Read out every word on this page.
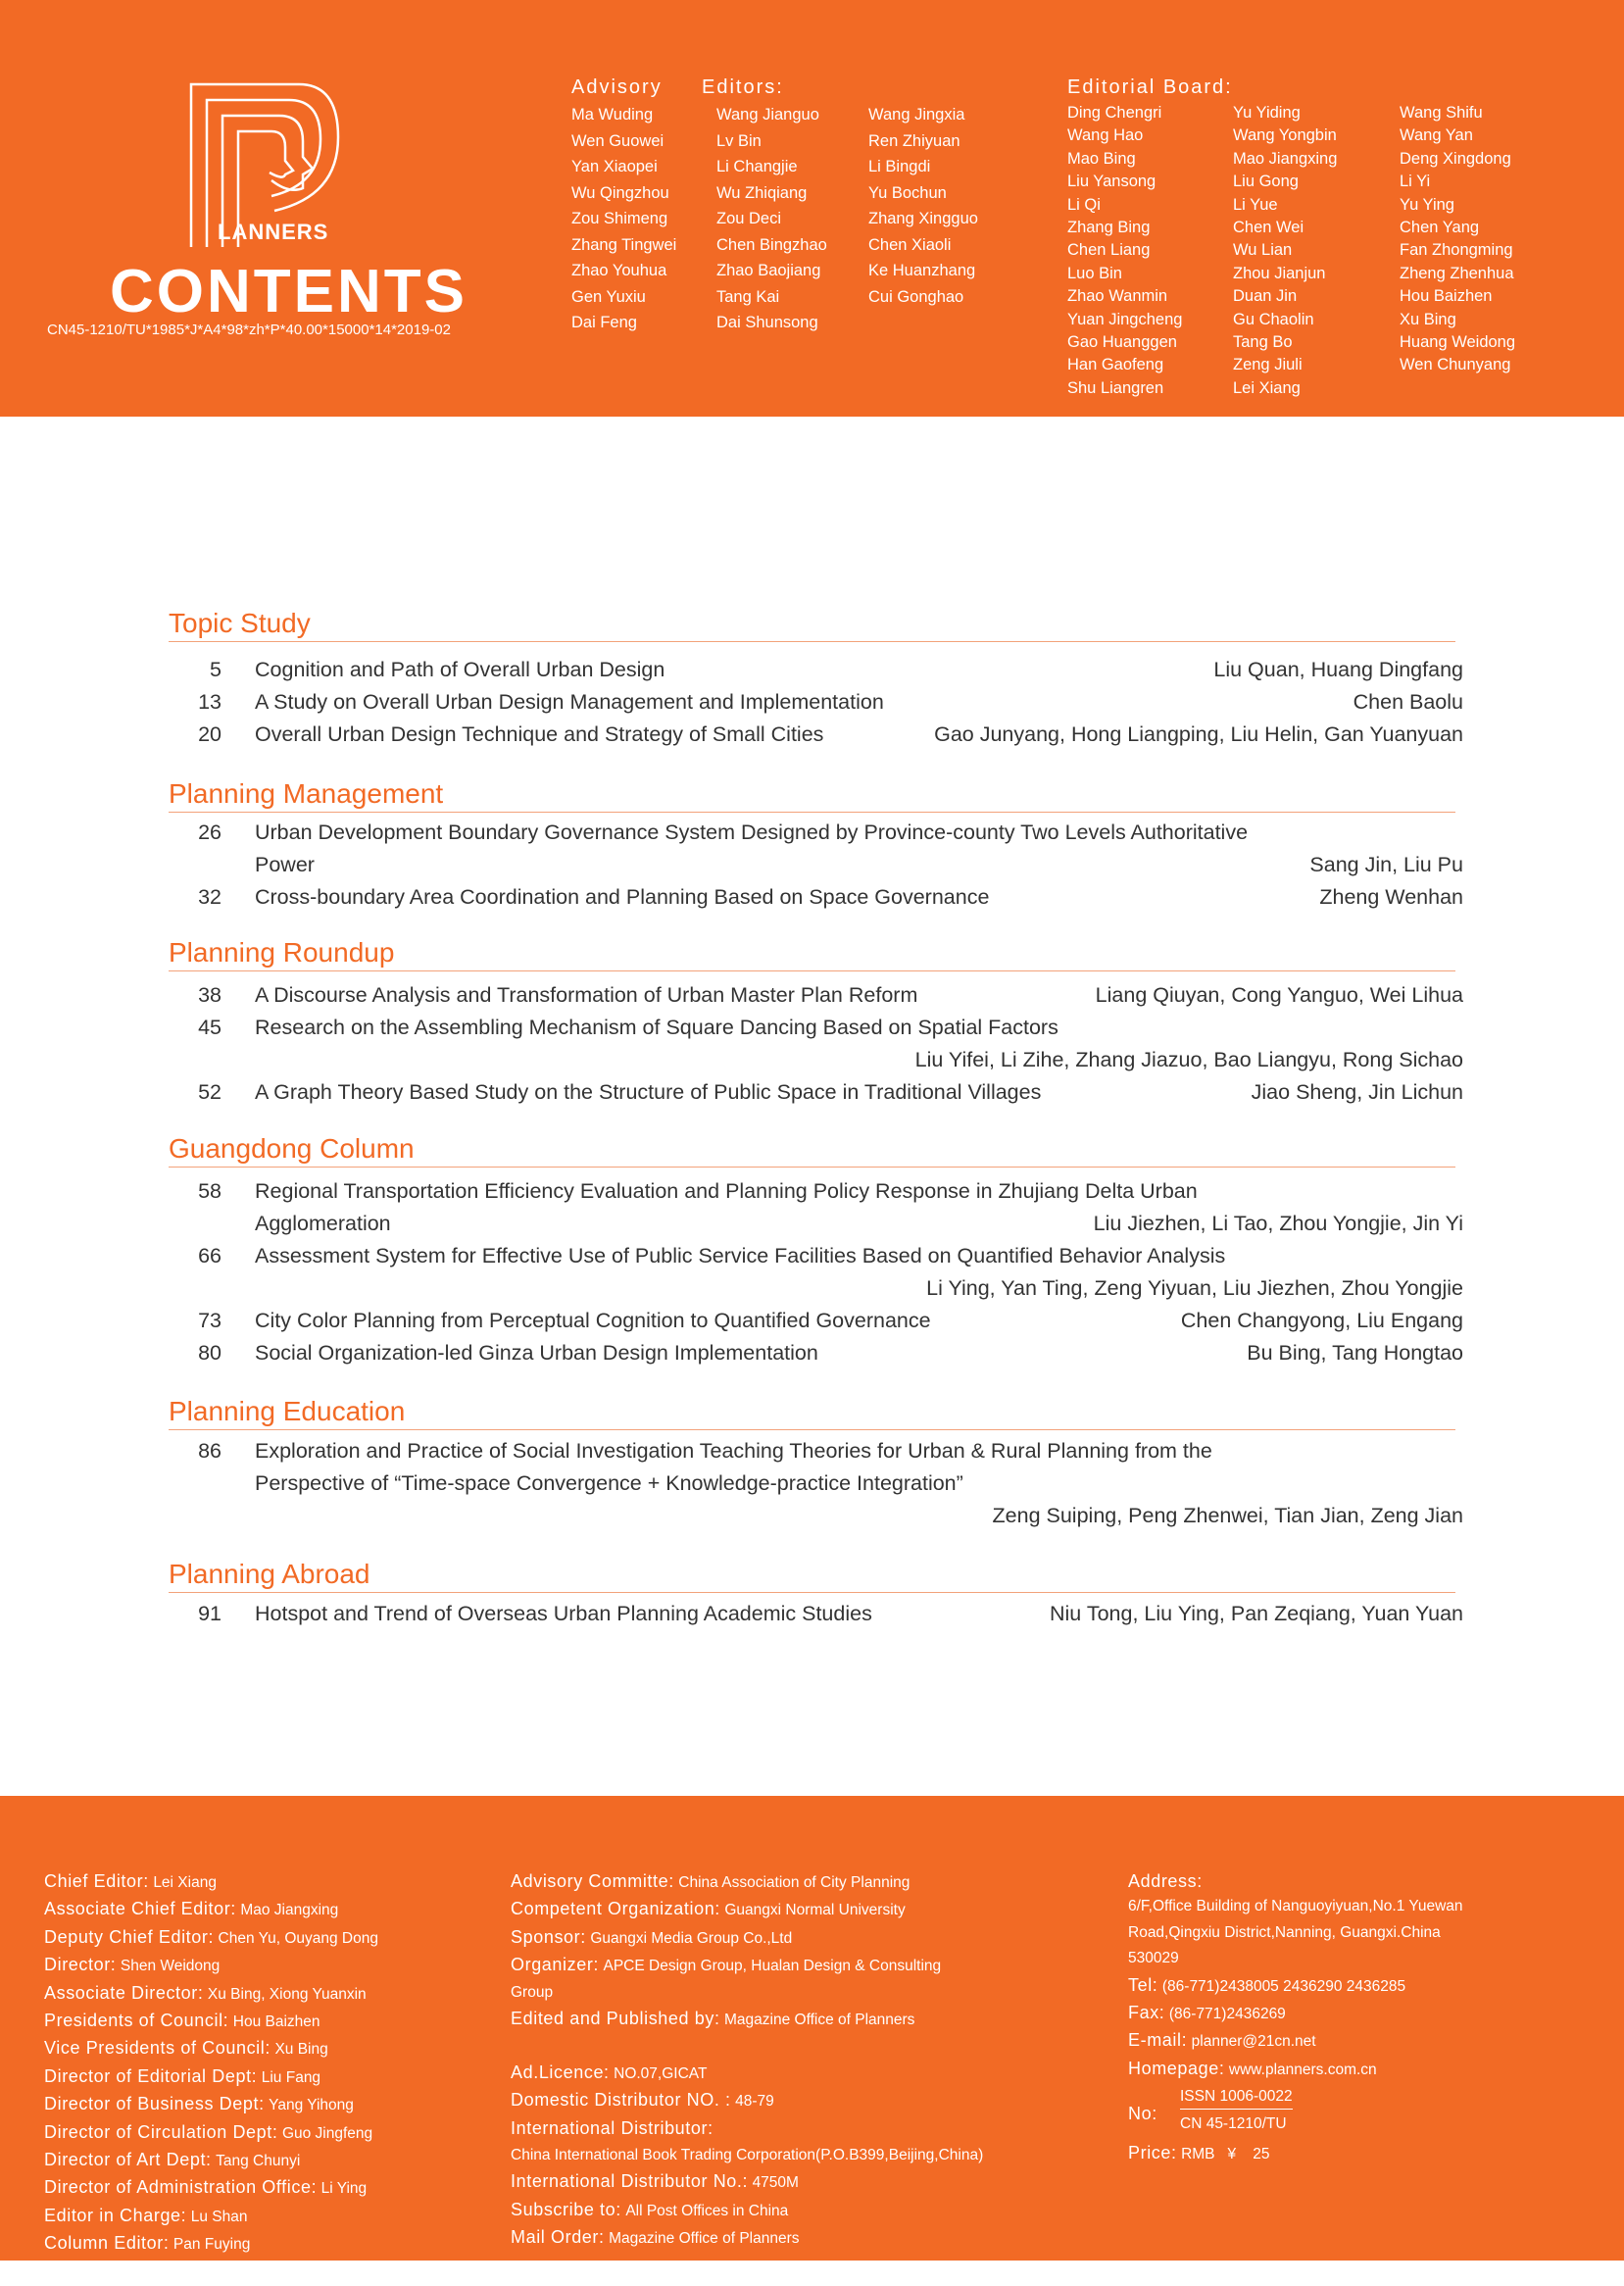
LANNERS
CONTENTS
CN45-1210/TU*1985*J*A4*98*zh*P*40.00*15000*14*2019-02
Advisory Editors:
Ma Wuding
Wen Guowei
Yan Xiaopei
Wu Qingzhou
Zou Shimeng
Zhang Tingwei
Zhao Youhua
Gen Yuxiu
Dai Feng
Wang Jianguo
Lv Bin
Li Changjie
Wu Zhiqiang
Zou Deci
Chen Bingzhao
Zhao Baojiang
Tang Kai
Dai Shunsong
Wang Jingxia
Ren Zhiyuan
Li Bingdi
Yu Bochun
Zhang Xingguo
Chen Xiaoli
Ke Huanzhang
Cui Gonghao
Editorial Board:
Ding Chengri
Wang Hao
Mao Bing
Liu Yansong
Li Qi
Zhang Bing
Chen Liang
Luo Bin
Zhao Wanmin
Yuan Jingcheng
Gao Huanggen
Han Gaofeng
Shu Liangren
Yu Yiding
Wang Yongbin
Mao Jiangxing
Liu Gong
Li Yue
Chen Wei
Wu Lian
Zhou Jianjun
Duan Jin
Gu Chaolin
Tang Bo
Zeng Jiuli
Lei Xiang
Wang Shifu
Wang Yan
Deng Xingdong
Li Yi
Yu Ying
Chen Yang
Fan Zhongming
Zheng Zhenhua
Hou Baizhen
Xu Bing
Huang Weidong
Wen Chunyang
Topic Study
5 Cognition and Path of Overall Urban Design	Liu Quan, Huang Dingfang
13 A Study on Overall Urban Design Management and Implementation	Chen Baolu
20 Overall Urban Design Technique and Strategy of Small Cities	Gao Junyang, Hong Liangping, Liu Helin, Gan Yuanyuan
Planning Management
26 Urban Development Boundary Governance System Designed by Province-county Two Levels Authoritative
Power	Sang Jin, Liu Pu
32 Cross-boundary Area Coordination and Planning Based on Space Governance	Zheng Wenhan
Planning Roundup
38 A Discourse Analysis and Transformation of Urban Master Plan Reform	Liang Qiuyan, Cong Yanguo, Wei Lihua
45 Research on the Assembling Mechanism of Square Dancing Based on Spatial Factors
Liu Yifei, Li Zihe, Zhang Jiazuo, Bao Liangyu, Rong Sichao
52 A Graph Theory Based Study on the Structure of Public Space in Traditional Villages	Jiao Sheng, Jin Lichun
Guangdong Column
58 Regional Transportation Efficiency Evaluation and Planning Policy Response in Zhujiang Delta Urban
Agglomeration	Liu Jiezhen, Li Tao, Zhou Yongjie, Jin Yi
66 Assessment System for Effective Use of Public Service Facilities Based on Quantified Behavior Analysis
Li Ying, Yan Ting, Zeng Yiyuan, Liu Jiezhen, Zhou Yongjie
73 City Color Planning from Perceptual Cognition to Quantified Governance	Chen Changyong, Liu Engang
80 Social Organization-led Ginza Urban Design Implementation	Bu Bing, Tang Hongtao
Planning Education
86 Exploration and Practice of Social Investigation Teaching Theories for Urban & Rural Planning from the
Perspective of “Time-space Convergence + Knowledge-practice Integration”
Zeng Suiping, Peng Zhenwei, Tian Jian, Zeng Jian
Planning Abroad
91 Hotspot and Trend of Overseas Urban Planning Academic Studies	Niu Tong, Liu Ying, Pan Zeqiang, Yuan Yuan
Chief Editor: Lei Xiang
Associate Chief Editor: Mao Jiangxing
Deputy Chief Editor: Chen Yu, Ouyang Dong
Director: Shen Weidong
Associate Director: Xu Bing, Xiong Yuanxin
Presidents of Council: Hou Baizhen
Vice Presidents of Council: Xu Bing
Director of Editorial Dept: Liu Fang
Director of Business Dept: Yang Yihong
Director of Circulation Dept: Guo Jingfeng
Director of Art Dept: Tang Chunyi
Director of Administration Office: Li Ying
Editor in Charge: Lu Shan
Column Editor: Pan Fuying
Art Editor: Chen Xiaojie
Advisory Committe: China Association of City Planning
Competent Organization: Guangxi Normal University
Sponsor: Guangxi Media Group Co.,Ltd
Organizer: APCE Design Group, Hualan Design & Consulting
Group
Edited and Published by: Magazine Office of Planners
Ad.Licence: NO.07,GICAT
Domestic Distributor NO. : 48-79
International Distributor:
China International Book Trading Corporation(P.O.B399,Beijing,China)
International Distributor No.: 4750M
Subscribe to: All Post Offices in China
Mail Order: Magazine Office of Planners
Address:
6/F,Office Building of Nanguoyiyuan,No.1 Yuewan
Road,Qingxiu District,Nanning, Guangxi.China
530029
Tel: (86-771)2438005 2436290 2436285
Fax: (86-771)2436269
E-mail: planner@21cn.net
Homepage: www.planners.com.cn
No:
ISSN 1006-0022
CN 45-1210/TU
Price: RMB   ¥    25
